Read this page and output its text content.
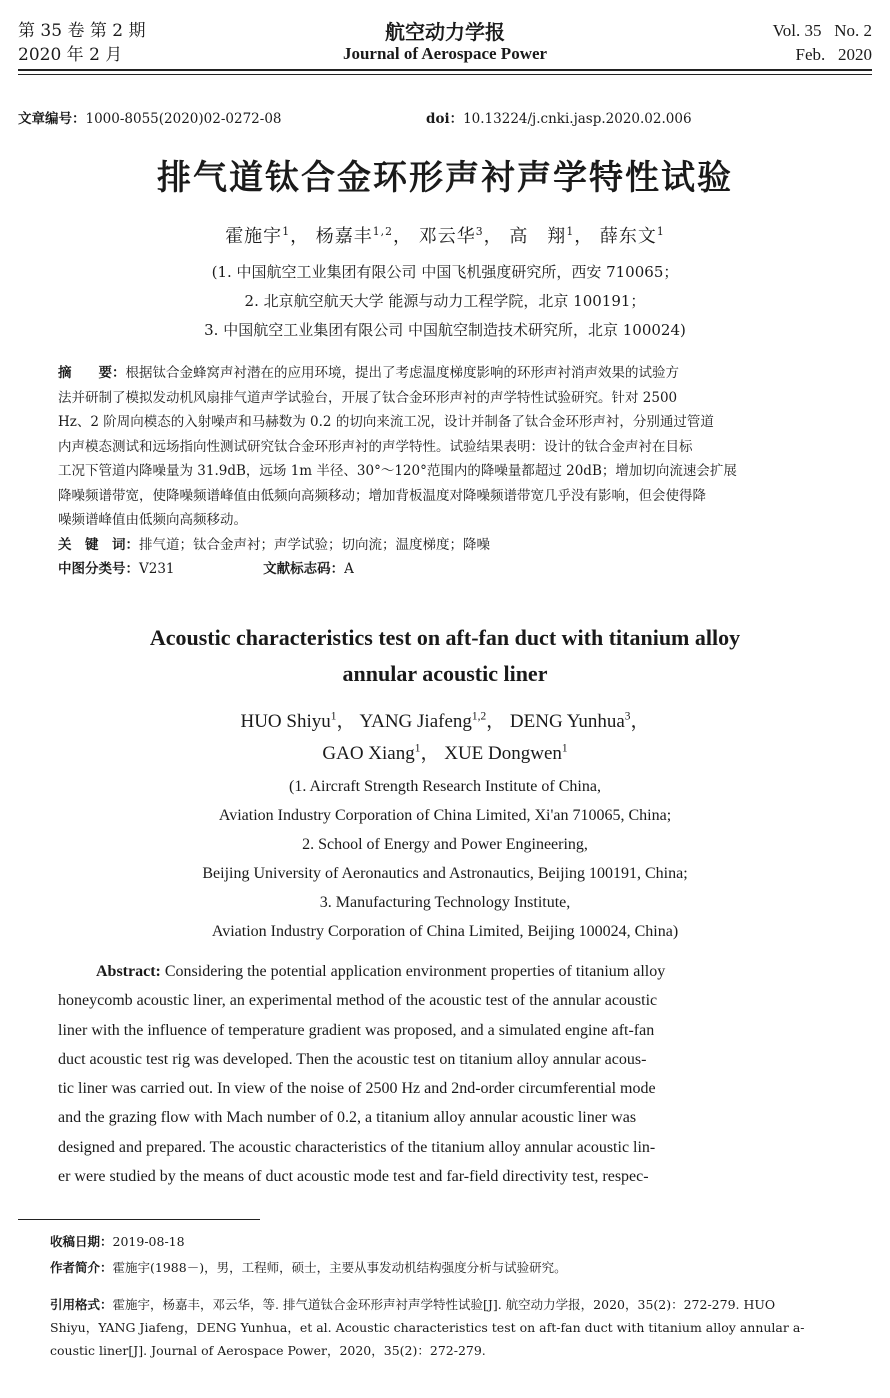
第 35 卷 第 2 期
2020 年 2 月
航空动力学报
Journal of Aerospace Power
Vol. 35   No. 2
Feb.   2020
文章编号：1000-8055(2020)02-0272-08	doi：10.13224/j.cnki.jasp.2020.02.006
排气道钛合金环形声衬声学特性试验
霍施宇$^1$， 杨嘉丰$^{1,2}$， 邓云华$^3$， 高　翔$^1$， 薛东文$^1$
(1. 中国航空工业集团有限公司 中国飞机强度研究所，西安 710065；
2. 北京航空航天大学 能源与动力工程学院，北京 100191；
3. 中国航空工业集团有限公司 中国航空制造技术研究所，北京 100024)
摘　　要：根据钛合金蜂窝声衬潜在的应用环境，提出了考虑温度梯度影响的环形声衬消声效果的试验方
法并研制了模拟发动机风扇排气道声学试验台，开展了钛合金环形声衬的声学特性试验研究。针对 2500
Hz、2 阶周向模态的入射噪声和马赫数为 0.2 的切向来流工况，设计并制备了钛合金环形声衬，分别通过管道
内声模态测试和远场指向性测试研究钛合金环形声衬的声学特性。试验结果表明：设计的钛合金声衬在目标
工况下管道内降噪量为 31.9dB，远场 1m 半径、30°～120°范围内的降噪量都超过 20dB；增加切向流速会扩展
降噪频谱带宽，使降噪频谱峰值由低频向高频移动；增加背板温度对降噪频谱带宽几乎没有影响，但会使得降
噪频谱峰值由低频向高频移动。
关　键　词：排气道；钛合金声衬；声学试验；切向流；温度梯度；降噪
中图分类号：V231	文献标志码：A
Acoustic characteristics test on aft-fan duct with titanium alloy
annular acoustic liner
HUO Shiyu$^1$， YANG Jiafeng$^{1,2}$， DENG Yunhua$^3$，
GAO Xiang$^1$， XUE Dongwen$^1$
(1. Aircraft Strength Research Institute of China,
Aviation Industry Corporation of China Limited, Xi'an 710065, China;
2. School of Energy and Power Engineering,
Beijing University of Aeronautics and Astronautics, Beijing 100191, China;
3. Manufacturing Technology Institute,
Aviation Industry Corporation of China Limited, Beijing 100024, China)
Abstract: Considering the potential application environment properties of titanium alloy
honeycomb acoustic liner, an experimental method of the acoustic test of the annular acoustic
liner with the influence of temperature gradient was proposed, and a simulated engine aft-fan
duct acoustic test rig was developed. Then the acoustic test on titanium alloy annular acous-
tic liner was carried out. In view of the noise of 2500 Hz and 2nd-order circumferential mode
and the grazing flow with Mach number of 0.2, a titanium alloy annular acoustic liner was
designed and prepared. The acoustic characteristics of the titanium alloy annular acoustic lin-
er were studied by the means of duct acoustic mode test and far-field directivity test, respec-
收稿日期：2019-08-18
作者简介：霍施宇(1988－)，男，工程师，硕士，主要从事发动机结构强度分析与试验研究。
引用格式：霍施宇，杨嘉丰，邓云华，等. 排气道钛合金环形声衬声学特性试验[J]. 航空动力学报，2020，35(2)：272-279. HUO
Shiyu，YANG Jiafeng，DENG Yunhua，et al. Acoustic characteristics test on aft-fan duct with titanium alloy annular a-
coustic liner[J]. Journal of Aerospace Power，2020，35(2)：272-279.
